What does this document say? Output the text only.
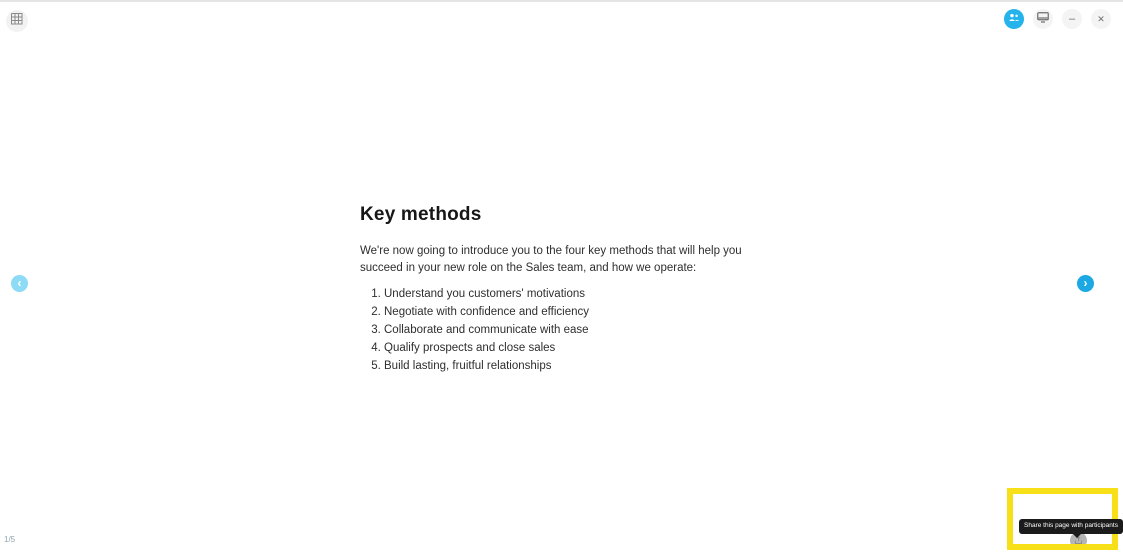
– ✕
Key methods

We're now going to introduce you to the four key methods that will help you succeed in your new role on the Sales team, and how we operate:

1. Understand you customers' motivations
2. Negotiate with confidence and efficiency
3. Collaborate and communicate with ease
4. Qualify prospects and close sales
5. Build lasting, fruitful relationships
‹	›
1/5
Share this page with participants
